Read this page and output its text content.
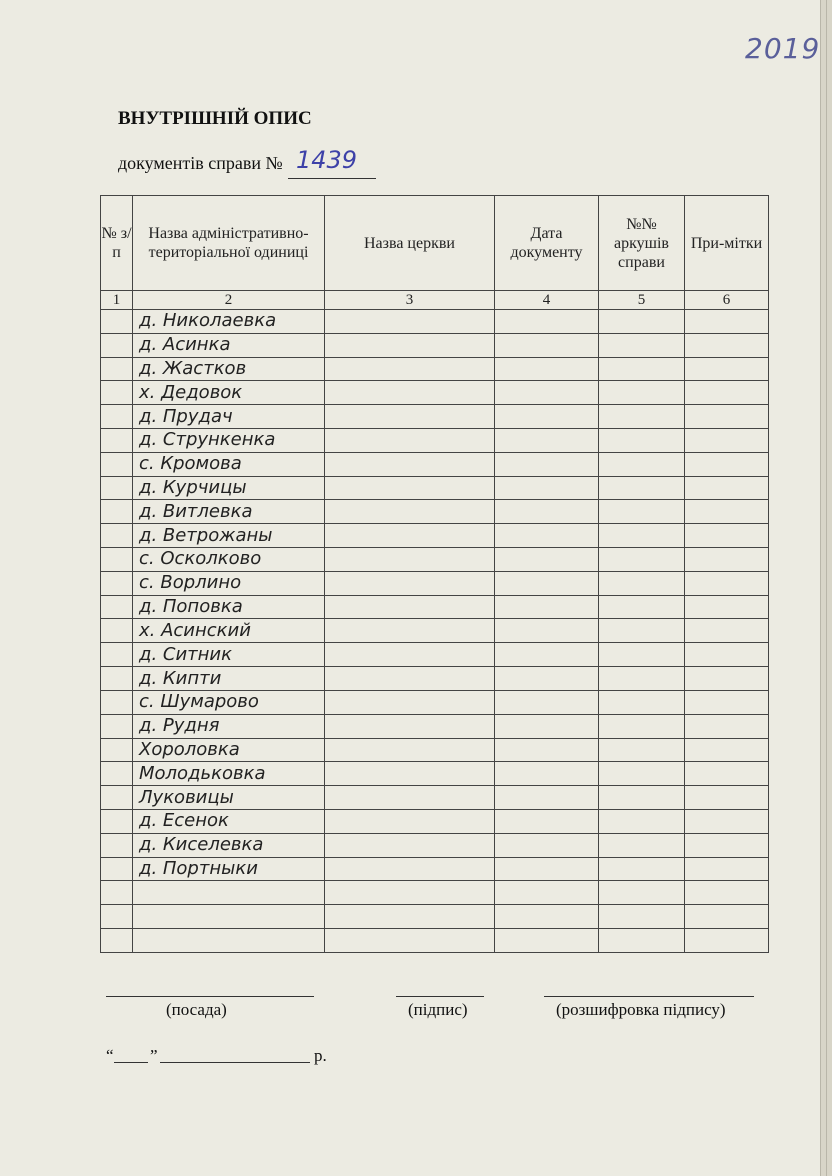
2019
ВНУТРІШНІЙ ОПИС
документів справи № 1439
№ з/п	Назва адміністративно-територіальної одиниці	Назва церкви	Дата документу	№№ аркушів справи	При-мітки
1	2	3	4	5	6
	д. Николаевка				
	д. Асинка				
	д. Жастков				
	х. Дедовок				
	д. Прудач				
	д. Стрункенка				
	с. Кромова				
	д. Курчицы				
	д. Витлевка				
	д. Ветрожаны				
	с. Осколково				
	с. Ворлино				
	д. Поповка				
	х. Асинский				
	д. Ситник				
	д. Кипти				
	с. Шумарово				
	д. Рудня				
	Хороловка				
	Молодьковка				
	Луковицы				
	д. Есенок				
	д. Киселевка				
	д. Портныки				

(посада)	(підпис)	(розшифровка підпису)
“ ”	р.
